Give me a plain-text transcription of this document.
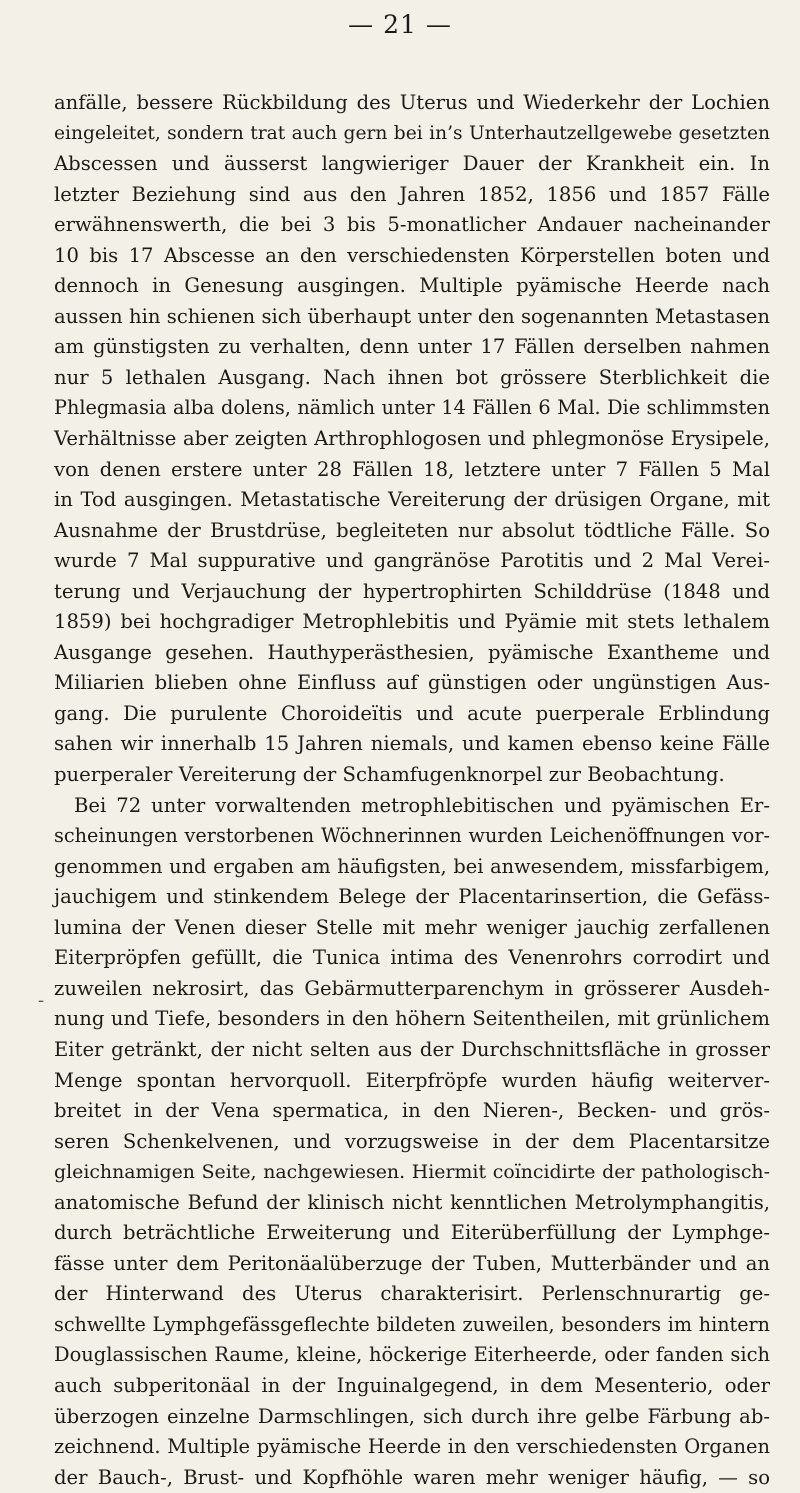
— 21 —
-
anfälle, bessere Rückbildung des Uterus und Wiederkehr der Lochien
eingeleitet, sondern trat auch gern bei in’s Unterhautzellgewebe gesetzten
Abscessen und äusserst langwieriger Dauer der Krankheit ein. In
letzter Beziehung sind aus den Jahren 1852, 1856 und 1857 Fälle
erwähnenswerth, die bei 3 bis 5-monatlicher Andauer nacheinander
10 bis 17 Abscesse an den verschiedensten Körperstellen boten und
dennoch in Genesung ausgingen. Multiple pyämische Heerde nach
aussen hin schienen sich überhaupt unter den sogenannten Metastasen
am günstigsten zu verhalten, denn unter 17 Fällen derselben nahmen
nur 5 lethalen Ausgang. Nach ihnen bot grössere Sterblichkeit die
Phlegmasia alba dolens, nämlich unter 14 Fällen 6 Mal. Die schlimmsten
Verhältnisse aber zeigten Arthrophlogosen und phlegmonöse Erysipele,
von denen erstere unter 28 Fällen 18, letztere unter 7 Fällen 5 Mal
in Tod ausgingen. Metastatische Vereiterung der drüsigen Organe, mit
Ausnahme der Brustdrüse, begleiteten nur absolut tödtliche Fälle. So
wurde 7 Mal suppurative und gangränöse Parotitis und 2 Mal Verei-
terung und Verjauchung der hypertrophirten Schilddrüse (1848 und
1859) bei hochgradiger Metrophlebitis und Pyämie mit stets lethalem
Ausgange gesehen. Hauthyperästhesien, pyämische Exantheme und
Miliarien blieben ohne Einfluss auf günstigen oder ungünstigen Aus-
gang. Die purulente Choroideïtis und acute puerperale Erblindung
sahen wir innerhalb 15 Jahren niemals, und kamen ebenso keine Fälle
puerperaler Vereiterung der Schamfugenknorpel zur Beobachtung.
Bei 72 unter vorwaltenden metrophlebitischen und pyämischen Er-
scheinungen verstorbenen Wöchnerinnen wurden Leichenöffnungen vor-
genommen und ergaben am häufigsten, bei anwesendem, missfarbigem,
jauchigem und stinkendem Belege der Placentarinsertion, die Gefäss-
lumina der Venen dieser Stelle mit mehr weniger jauchig zerfallenen
Eiterpröpfen gefüllt, die Tunica intima des Venenrohrs corrodirt und
zuweilen nekrosirt, das Gebärmutterparenchym in grösserer Ausdeh-
nung und Tiefe, besonders in den höhern Seitentheilen, mit grünlichem
Eiter getränkt, der nicht selten aus der Durchschnittsfläche in grosser
Menge spontan hervorquoll. Eiterpfröpfe wurden häufig weiterver-
breitet in der Vena spermatica, in den Nieren-, Becken- und grös-
seren Schenkelvenen, und vorzugsweise in der dem Placentarsitze
gleichnamigen Seite, nachgewiesen. Hiermit coïncidirte der pathologisch-
anatomische Befund der klinisch nicht kenntlichen Metrolymphangitis,
durch beträchtliche Erweiterung und Eiterüberfüllung der Lymphge-
fässe unter dem Peritonäalüberzuge der Tuben, Mutterbänder und an
der Hinterwand des Uterus charakterisirt. Perlenschnurartig ge-
schwellte Lymphgefässgeflechte bildeten zuweilen, besonders im hintern
Douglassischen Raume, kleine, höckerige Eiterheerde, oder fanden sich
auch subperitonäal in der Inguinalgegend, in dem Mesenterio, oder
überzogen einzelne Darmschlingen, sich durch ihre gelbe Färbung ab-
zeichnend. Multiple pyämische Heerde in den verschiedensten Organen
der Bauch-, Brust- und Kopfhöhle waren mehr weniger häufig, — so
